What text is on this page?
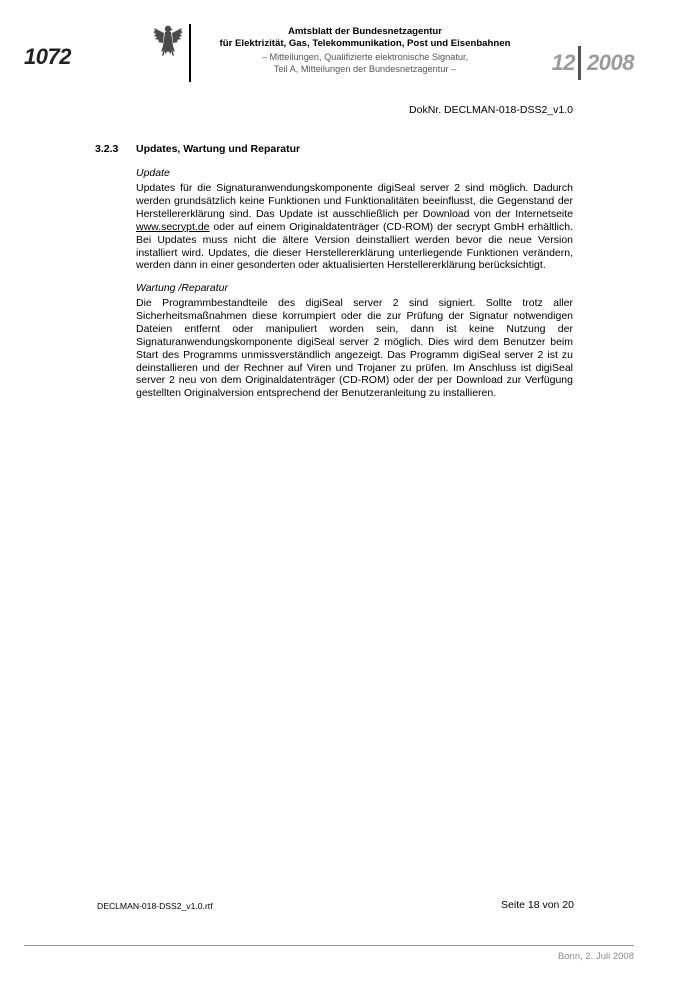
1072
Amtsblatt der Bundesnetzagentur
für Elektrizität, Gas, Telekommunikation, Post und Eisenbahnen
– Mitteilungen, Qualifizierte elektronische Signatur,
Teil A, Mitteilungen der Bundesnetzagentur –	12 2008
DokNr. DECLMAN-018-DSS2_v1.0
3.2.3 Updates, Wartung und Reparatur
Update

Updates für die Signaturanwendungskomponente digiSeal server 2 sind möglich. Dadurch werden grundsätzlich keine Funktionen und Funktionalitäten beeinflusst, die Gegenstand der Herstellererklärung sind. Das Update ist ausschließlich per Download von der Internetseite www.secrypt.de oder auf einem Originaldatenträger (CD-ROM) der secrypt GmbH erhältlich. Bei Updates muss nicht die ältere Version deinstalliert werden bevor die neue Version installiert wird. Updates, die dieser Herstellererklärung unterliegende Funktionen verändern, werden dann in einer gesonderten oder aktualisierten Herstellererklärung berücksichtigt.

Wartung /Reparatur

Die Programmbestandteile des digiSeal server 2 sind signiert. Sollte trotz aller Sicherheitsmaßnahmen diese korrumpiert oder die zur Prüfung der Signatur notwendigen Dateien entfernt oder manipuliert worden sein, dann ist keine Nutzung der Signaturanwendungskomponente digiSeal server 2 möglich. Dies wird dem Benutzer beim Start des Programms unmissverständlich angezeigt. Das Programm digiSeal server 2 ist zu deinstallieren und der Rechner auf Viren und Trojaner zu prüfen. Im Anschluss ist digiSeal server 2 neu von dem Originaldatenträger (CD-ROM) oder der per Download zur Verfügung gestellten Originalversion entsprechend der Benutzeranleitung zu installieren.

DECLMAN-018-DSS2_v1.0.rtf	Seite 18 von 20
Bonn, 2. Juli 2008
